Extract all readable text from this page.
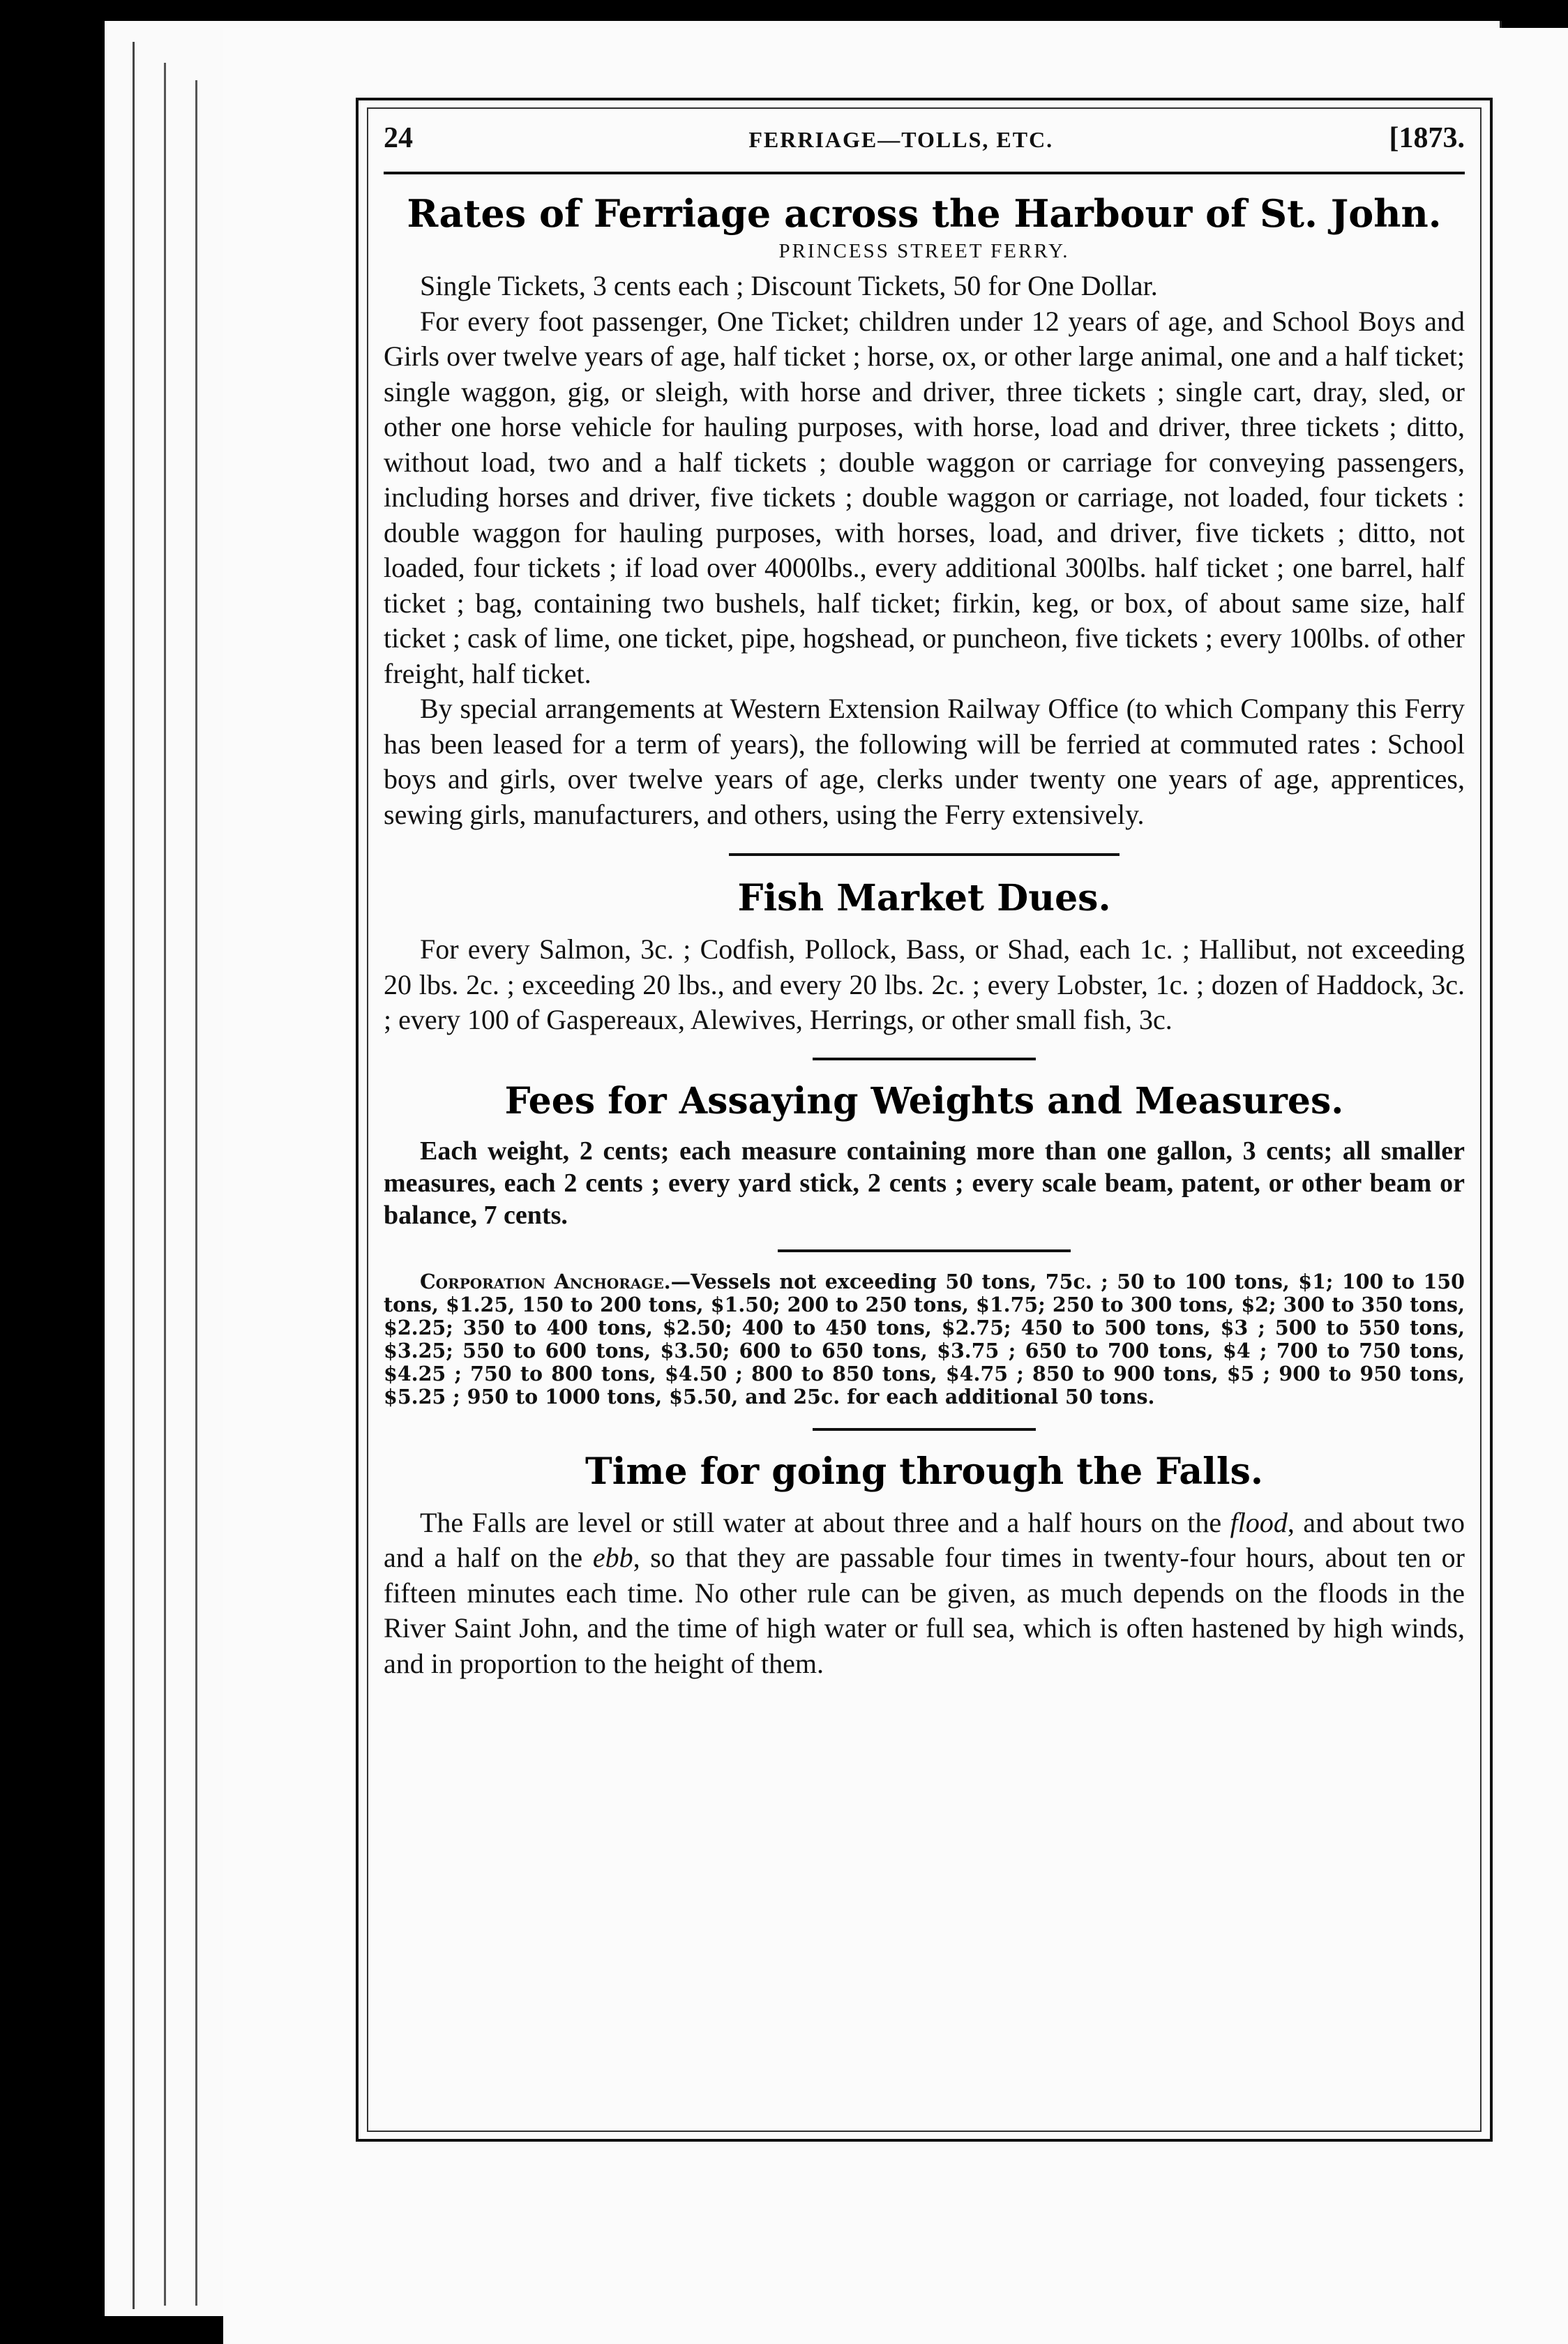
24	FERRIAGE—TOLLS, ETC.	[1873.
Rates of Ferriage across the Harbour of St. John.
PRINCESS STREET FERRY.

Single Tickets, 3 cents each ; Discount Tickets, 50 for One Dollar.

For every foot passenger, One Ticket; children under 12 years of age, and School Boys and Girls over twelve years of age, half ticket ; horse, ox, or other large animal, one and a half ticket; single waggon, gig, or sleigh, with horse and driver, three tickets ; single cart, dray, sled, or other one horse vehicle for hauling purposes, with horse, load and driver, three tickets ; ditto, without load, two and a half tickets ; double waggon or carriage for conveying passengers, including horses and driver, five tickets ; double waggon or carriage, not loaded, four tickets : double waggon for hauling purposes, with horses, load, and driver, five tickets ; ditto, not loaded, four tickets ; if load over 4000lbs., every additional 300lbs. half ticket ; one barrel, half ticket ; bag, containing two bushels, half ticket; firkin, keg, or box, of about same size, half ticket ; cask of lime, one ticket, pipe, hogshead, or puncheon, five tickets ; every 100lbs. of other freight, half ticket.

By special arrangements at Western Extension Railway Office (to which Company this Ferry has been leased for a term of years), the following will be ferried at commuted rates : School boys and girls, over twelve years of age, clerks under twenty one years of age, apprentices, sewing girls, manufacturers, and others, using the Ferry extensively.

Fish Market Dues.

For every Salmon, 3c. ; Codfish, Pollock, Bass, or Shad, each 1c. ; Hallibut, not exceeding 20 lbs. 2c. ; exceeding 20 lbs., and every 20 lbs. 2c. ; every Lobster, 1c. ; dozen of Haddock, 3c. ; every 100 of Gaspereaux, Alewives, Herrings, or other small fish, 3c.

Fees for Assaying Weights and Measures.

Each weight, 2 cents; each measure containing more than one gallon, 3 cents; all smaller measures, each 2 cents ; every yard stick, 2 cents ; every scale beam, patent, or other beam or balance, 7 cents.

Corporation Anchorage.—Vessels not exceeding 50 tons, 75c. ; 50 to 100 tons, $1; 100 to 150 tons, $1.25, 150 to 200 tons, $1.50; 200 to 250 tons, $1.75; 250 to 300 tons, $2; 300 to 350 tons, $2.25; 350 to 400 tons, $2.50; 400 to 450 tons, $2.75; 450 to 500 tons, $3 ; 500 to 550 tons, $3.25; 550 to 600 tons, $3.50; 600 to 650 tons, $3.75 ; 650 to 700 tons, $4 ; 700 to 750 tons, $4.25 ; 750 to 800 tons, $4.50 ; 800 to 850 tons, $4.75 ; 850 to 900 tons, $5 ; 900 to 950 tons, $5.25 ; 950 to 1000 tons, $5.50, and 25c. for each additional 50 tons.

Time for going through the Falls.

The Falls are level or still water at about three and a half hours on the flood, and about two and a half on the ebb, so that they are passable four times in twenty-four hours, about ten or fifteen minutes each time. No other rule can be given, as much depends on the floods in the River Saint John, and the time of high water or full sea, which is often hastened by high winds, and in proportion to the height of them.
